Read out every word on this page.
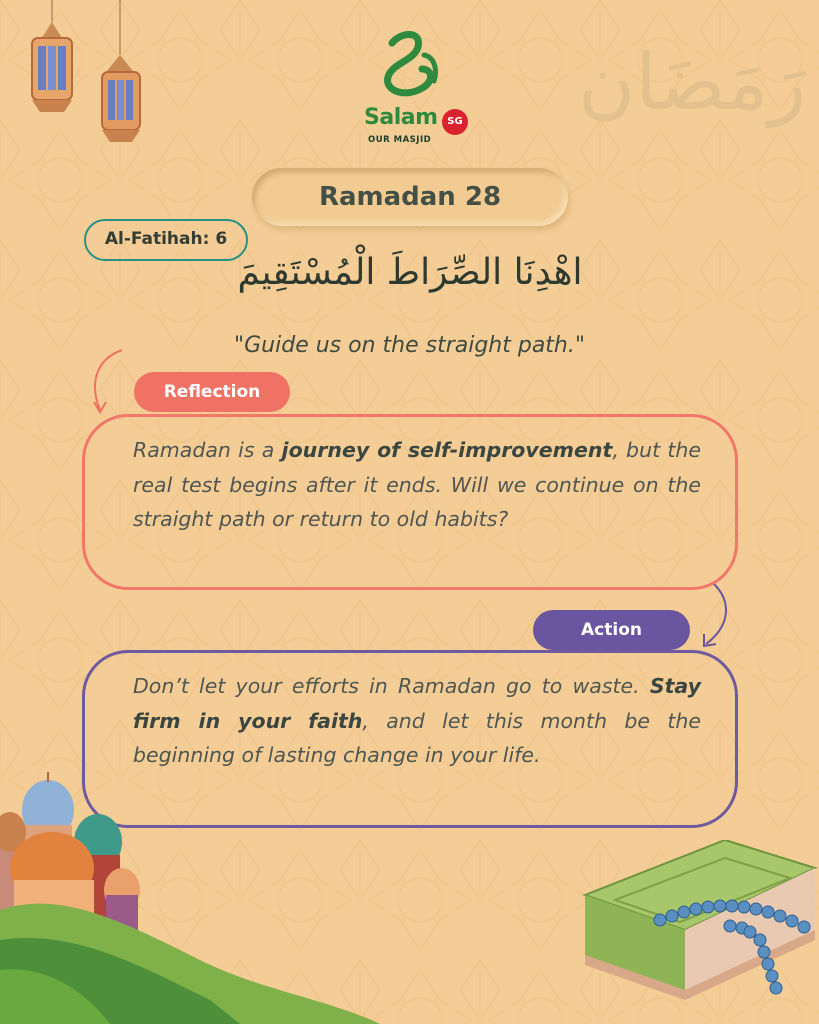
Salam SG
OUR MASJID
رَمَضَان
Ramadan 28
Al-Fatihah: 6
اهْدِنَا الصِّرَاطَ الْمُسْتَقِيمَ
"Guide us on the straight path."
Ramadan is a journey of self-improvement, but the real test begins after it ends. Will we continue on the straight path or return to old habits?
Reflection
Don’t let your efforts in Ramadan go to waste. Stay firm in your faith, and let this month be the beginning of lasting change in your life.
Action
